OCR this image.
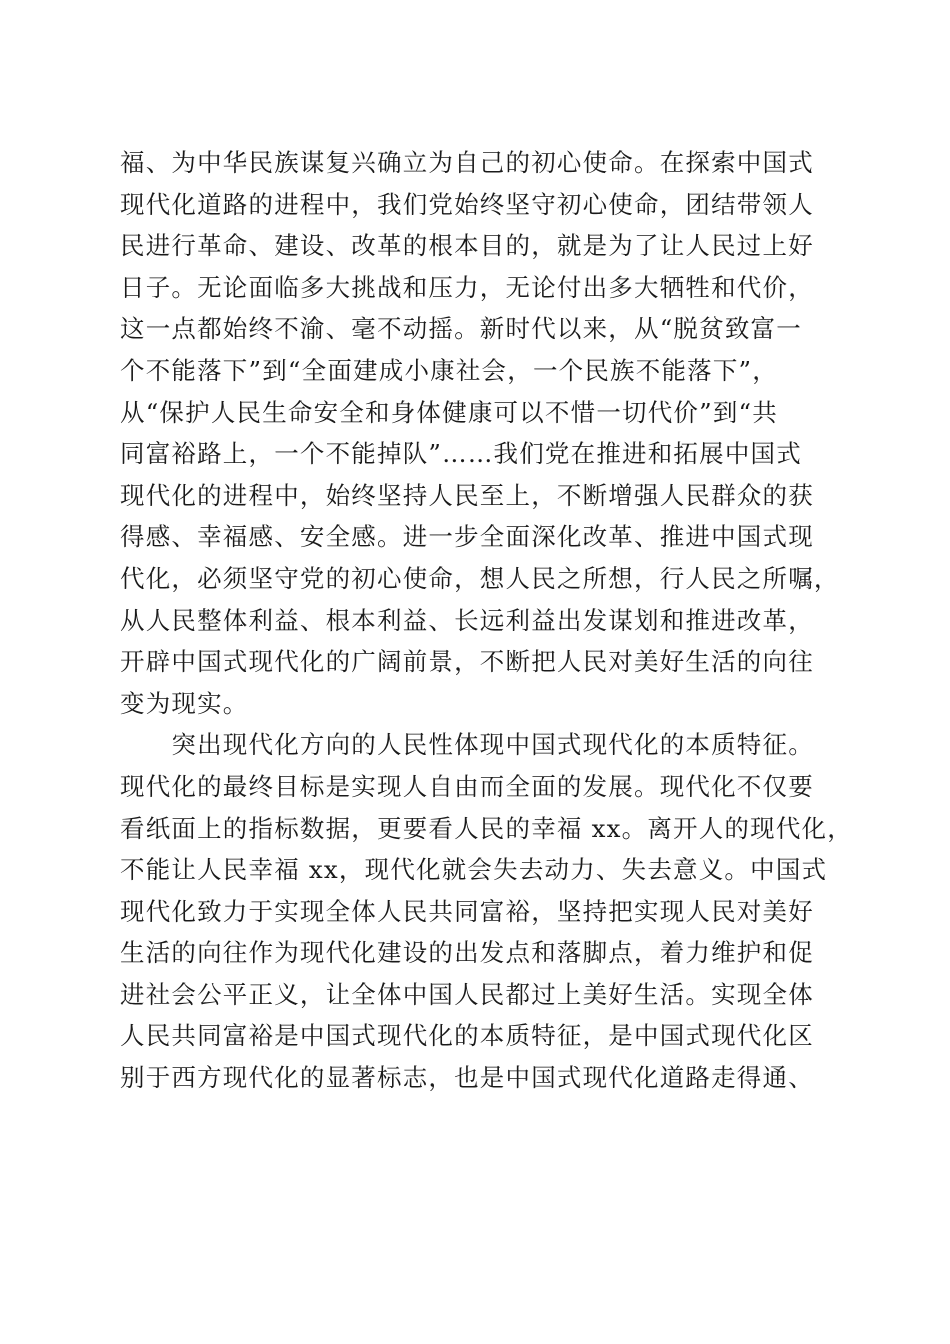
福、为中华民族谋复兴确立为自己的初心使命。在探索中国式
现代化道路的进程中，我们党始终坚守初心使命，团结带领人
民进行革命、建设、改革的根本目的，就是为了让人民过上好
日子。无论面临多大挑战和压力，无论付出多大牺牲和代价，
这一点都始终不渝、毫不动摇。新时代以来，从“脱贫致富一
个不能落下”到“全面建成小康社会，一个民族不能落下”，
从“保护人民生命安全和身体健康可以不惜一切代价”到“共
同富裕路上，一个不能掉队”……我们党在推进和拓展中国式
现代化的进程中，始终坚持人民至上，不断增强人民群众的获
得感、幸福感、安全感。进一步全面深化改革、推进中国式现
代化，必须坚守党的初心使命，想人民之所想，行人民之所嘱，
从人民整体利益、根本利益、长远利益出发谋划和推进改革，
开辟中国式现代化的广阔前景，不断把人民对美好生活的向往
变为现实。
　　突出现代化方向的人民性体现中国式现代化的本质特征。
现代化的最终目标是实现人自由而全面的发展。现代化不仅要
看纸面上的指标数据，更要看人民的幸福 xx。离开人的现代化，
不能让人民幸福 xx，现代化就会失去动力、失去意义。中国式
现代化致力于实现全体人民共同富裕，坚持把实现人民对美好
生活的向往作为现代化建设的出发点和落脚点，着力维护和促
进社会公平正义，让全体中国人民都过上美好生活。实现全体
人民共同富裕是中国式现代化的本质特征，是中国式现代化区
别于西方现代化的显著标志，也是中国式现代化道路走得通、
